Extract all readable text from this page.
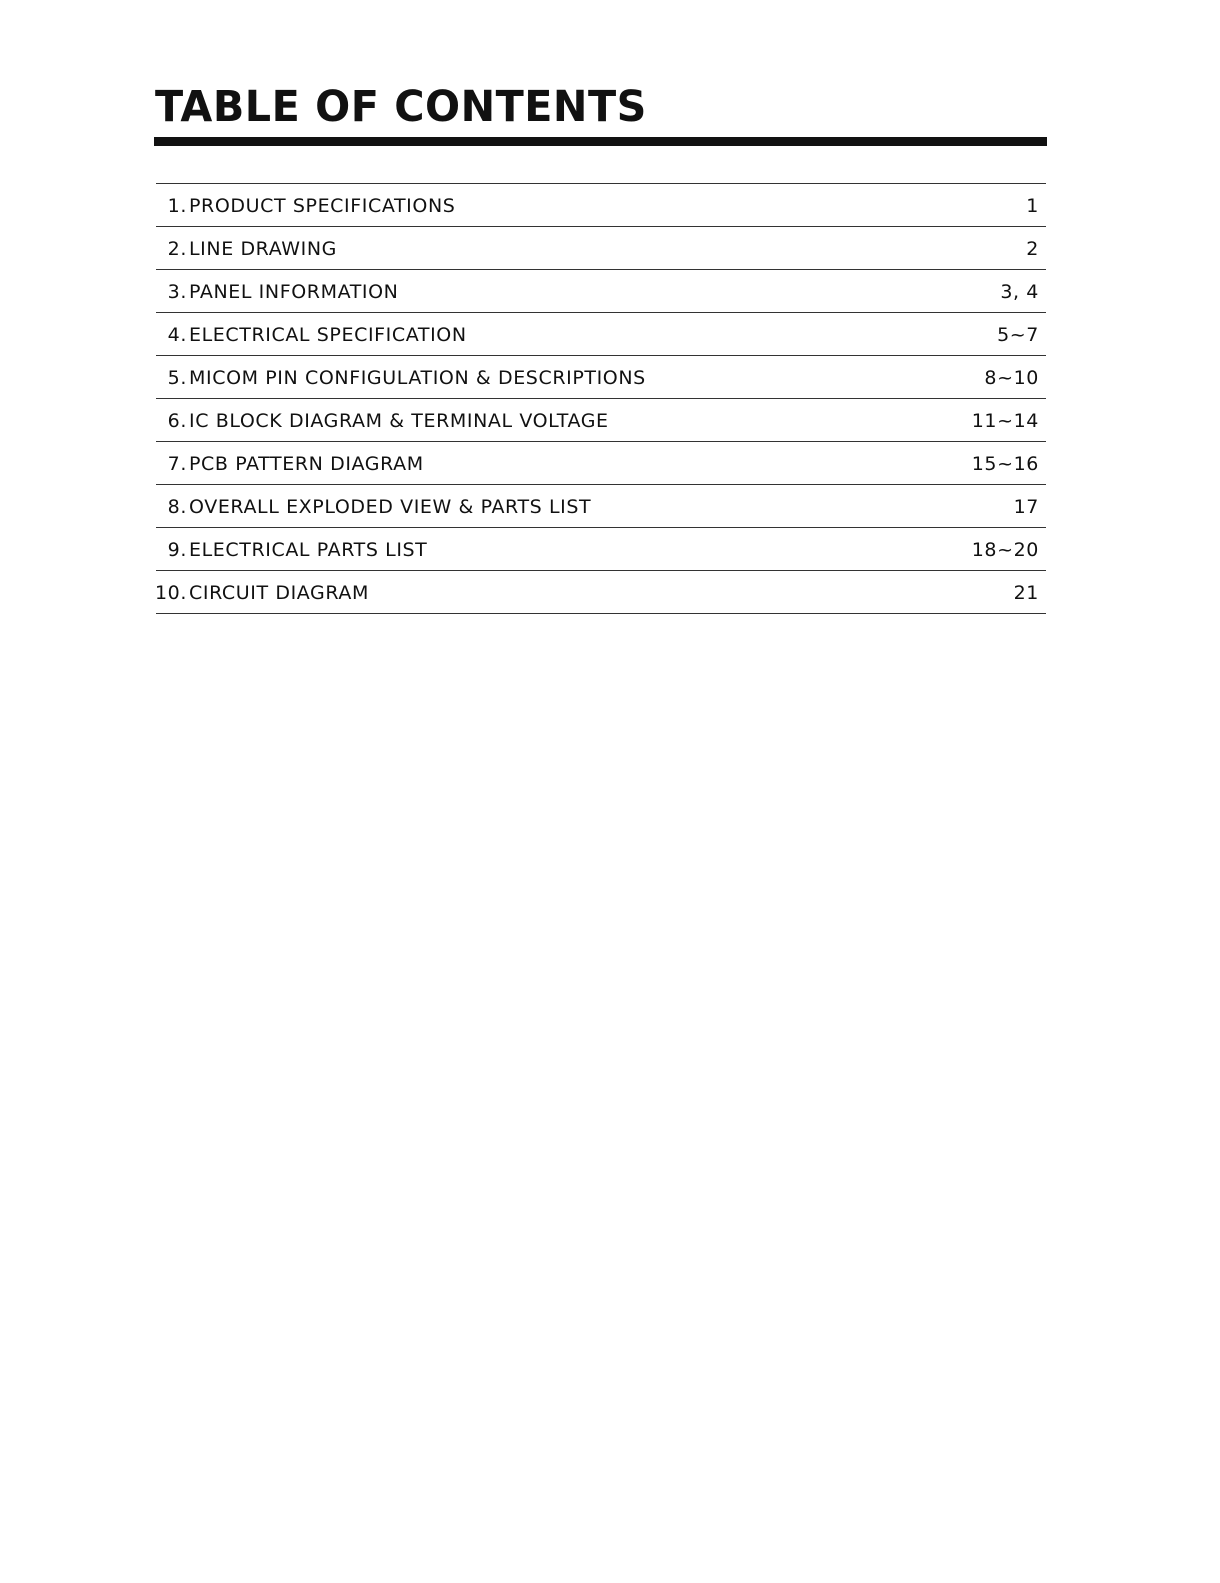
TABLE OF CONTENTS
1. PRODUCT SPECIFICATIONS	1
2. LINE DRAWING	2
3. PANEL INFORMATION	3, 4
4. ELECTRICAL SPECIFICATION	5~7
5. MICOM PIN CONFIGULATION & DESCRIPTIONS	8~10
6. IC BLOCK DIAGRAM & TERMINAL VOLTAGE	11~14
7. PCB PATTERN DIAGRAM	15~16
8. OVERALL EXPLODED VIEW & PARTS LIST	17
9. ELECTRICAL PARTS LIST	18~20
10. CIRCUIT DIAGRAM	21
